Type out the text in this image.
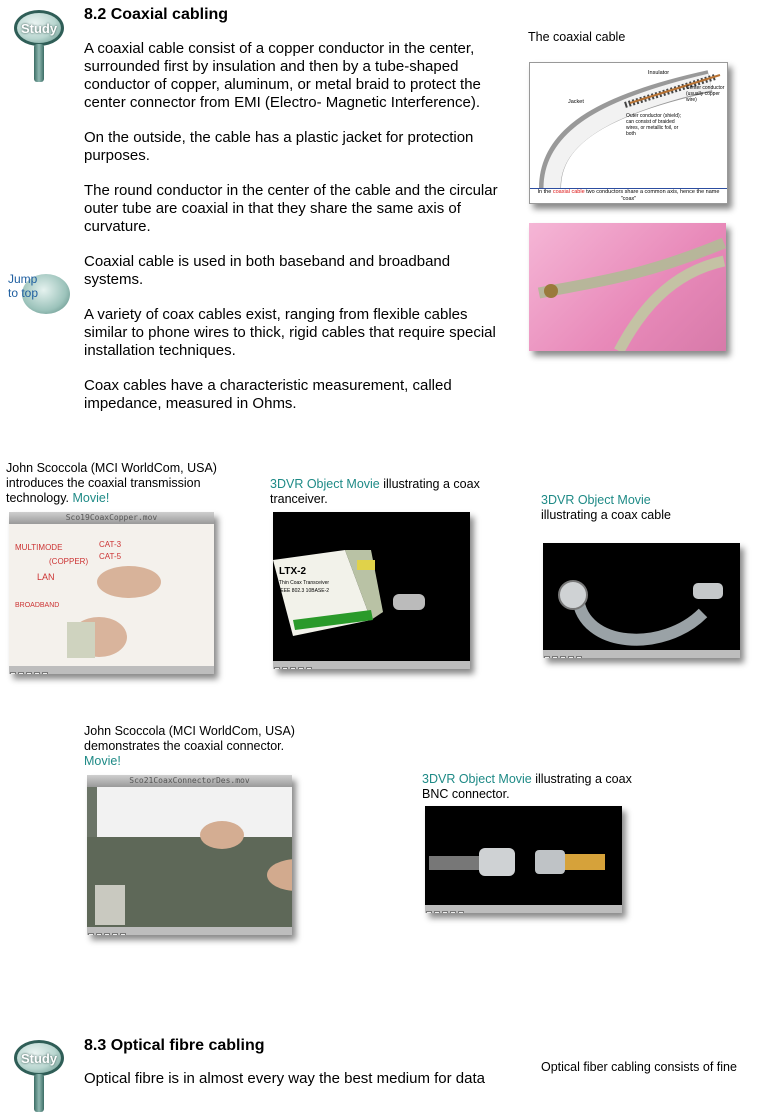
Study
8.2 Coaxial cabling

A coaxial cable consist of a copper conductor in the center, surrounded first by insulation and then by a tube-shaped conductor of copper, aluminum, or metal braid to protect the center connector from EMI (Electro- Magnetic Interference).

On the outside, the cable has a plastic jacket for protection purposes.

The round conductor in the center of the cable and the circular outer tube are coaxial in that they share the same axis of curvature.

Coaxial cable is used in both baseband and broadband systems.

A variety of coax cables exist, ranging from flexible cables similar to phone wires to thick, rigid cables that require special installation techniques.

Coax cables have a characteristic measurement, called impedance, measured in Ohms.

Jump
to top
The coaxial cable
Insulator
Jacket
Center conductor (usually copper wire)
Outer conductor (shield); can consist of braided wires, or metallic foil, or both
In the coaxial cable two conductors share a common axis, hence the name "coax"
John Scoccola (MCI WorldCom, USA) introduces the coaxial transmission technology. Movie!
Sco19CoaxCopper.mov
MULTIMODE
(COPPER)
CAT-3
CAT-5
LAN
BROADBAND
3DVR Object Movie illustrating a coax tranceiver.
LTX-2
Thin Coax Transceiver
IEEE 802.3 10BASE-2
3DVR Object Movie
illustrating a coax cable
John Scoccola (MCI WorldCom, USA) demonstrates the coaxial connector.
Movie!
Sco21CoaxConnectorDes.mov	3DVR Object Movie illustrating a coax BNC connector.
Study
8.3 Optical fibre cabling
Optical fibre is in almost every way the best medium for data
Optical fiber cabling consists of fine
